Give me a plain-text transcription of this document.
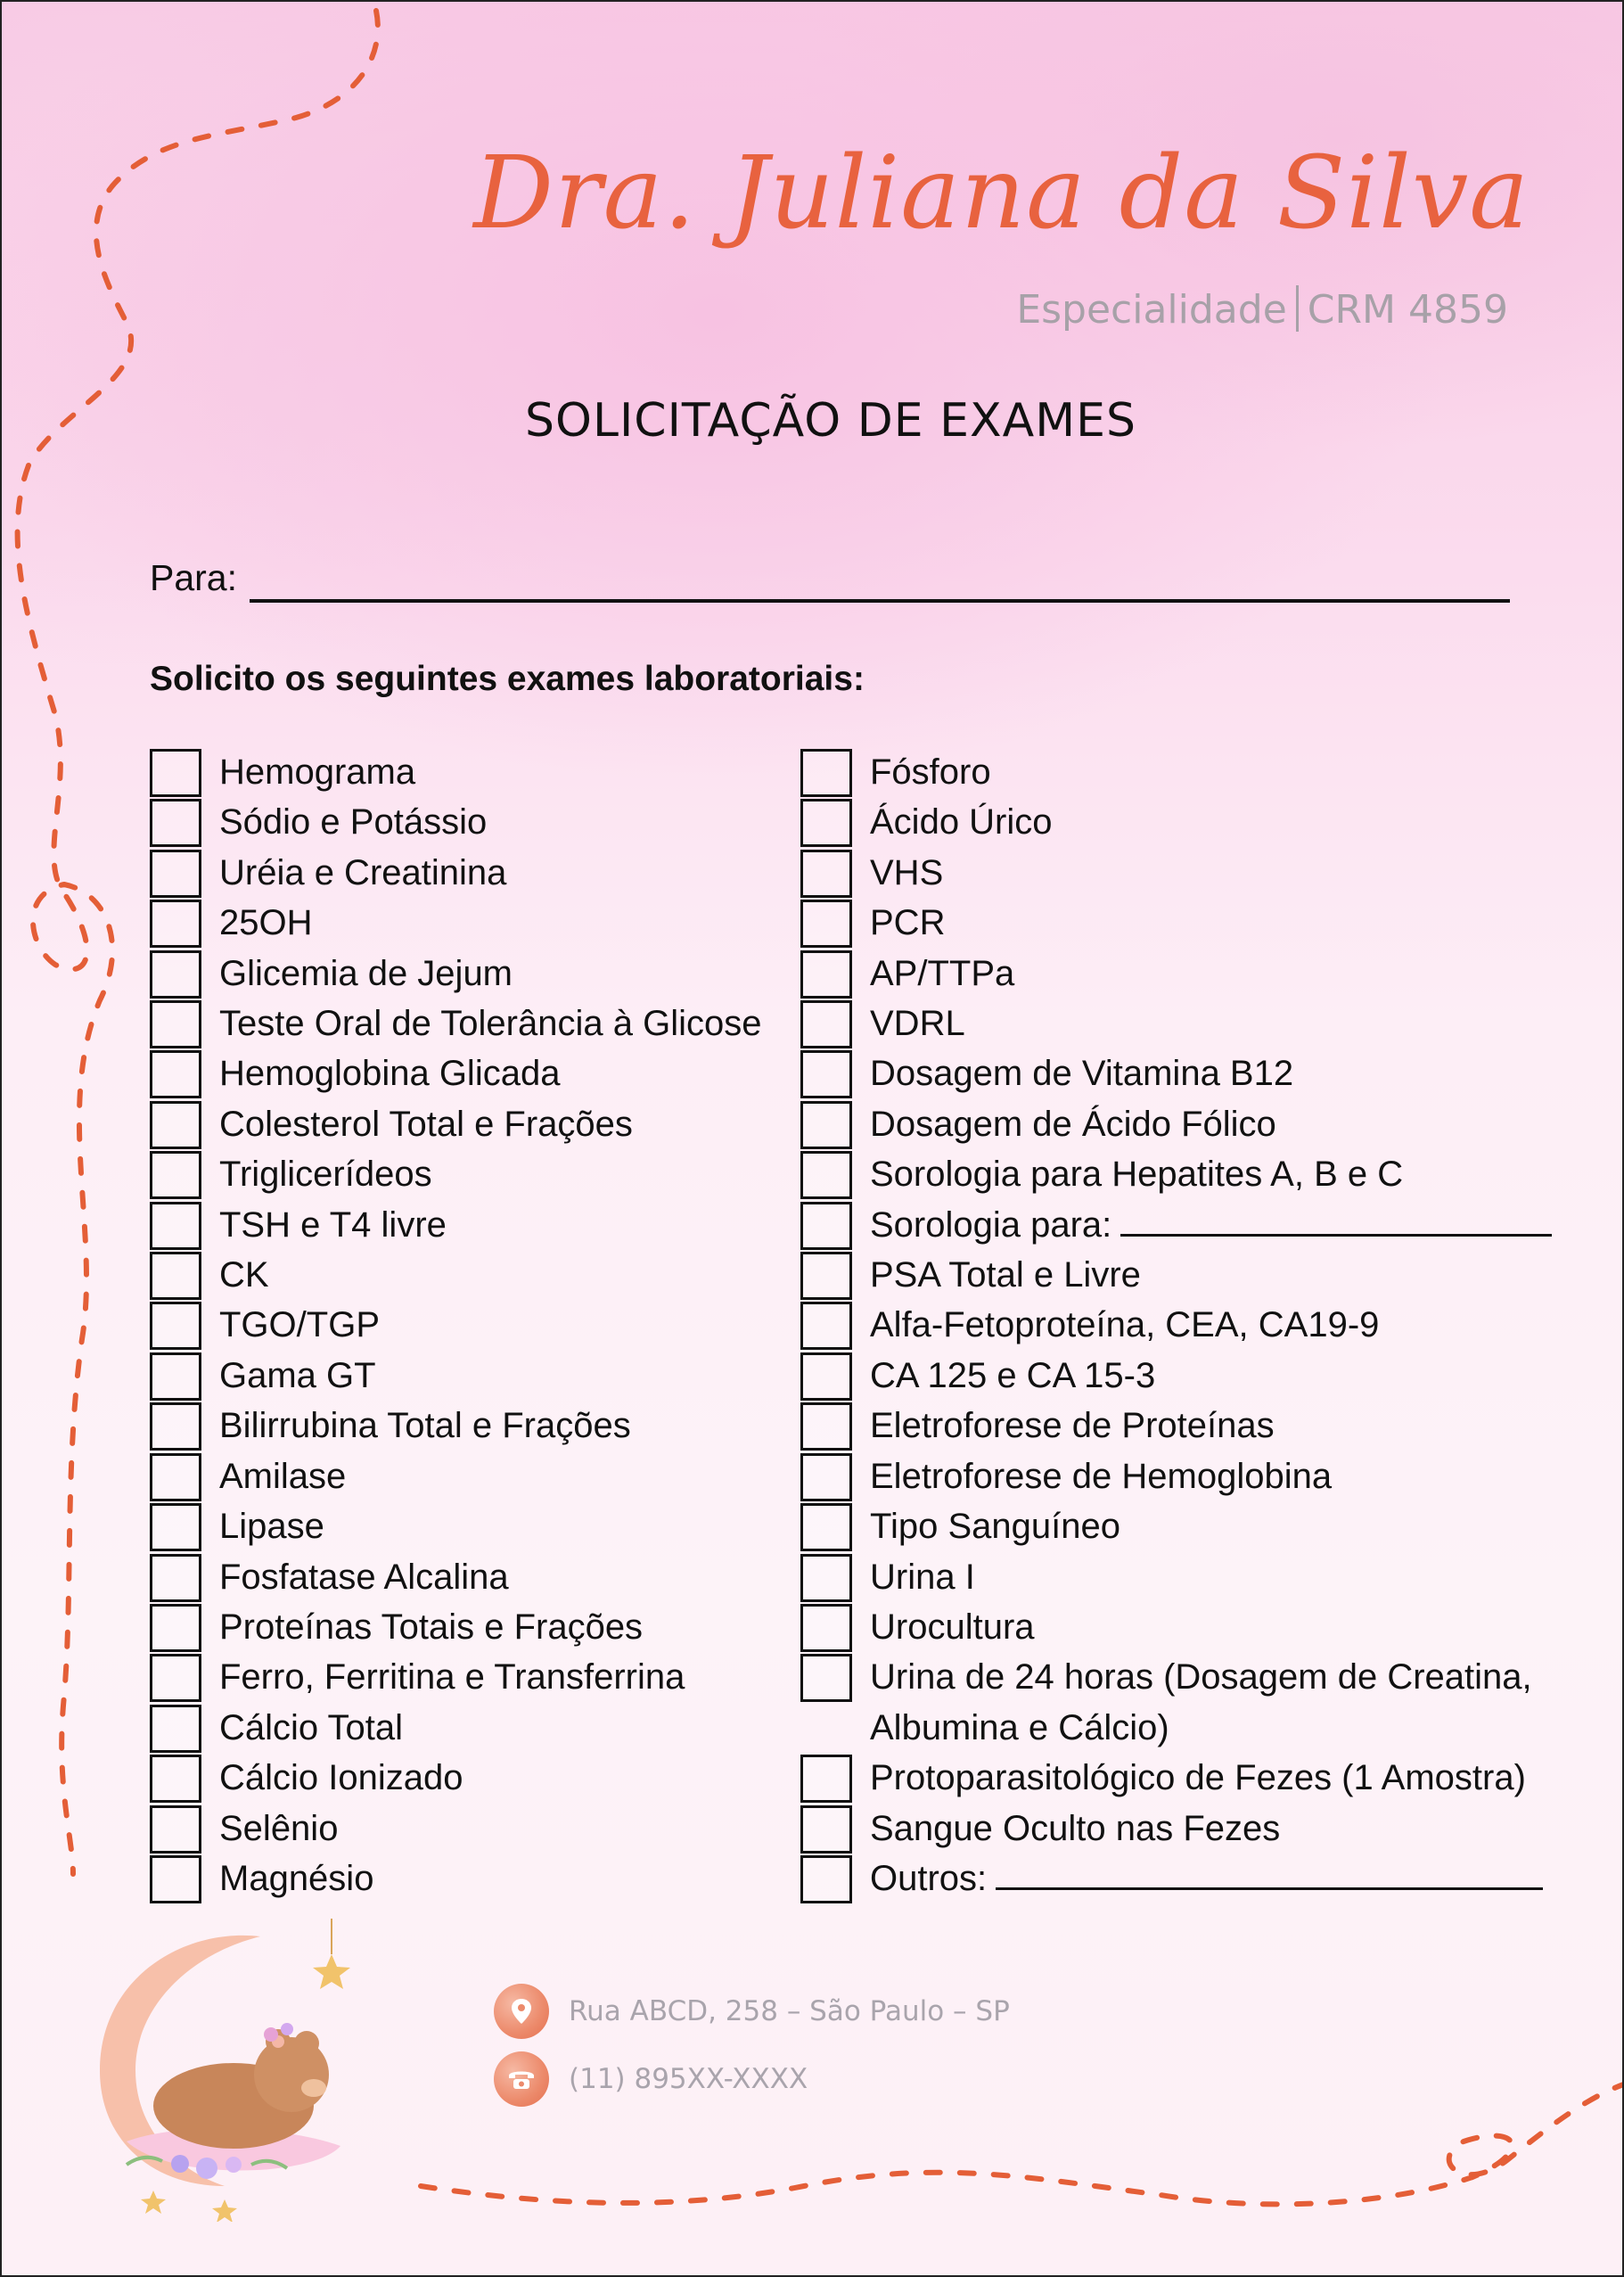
Dra. Juliana da Silva
Especialidade CRM 4859
SOLICITAÇÃO DE EXAMES
Para:
Solicito os seguintes exames laboratoriais:
Hemograma
Sódio e Potássio
Uréia e Creatinina
25OH
Glicemia de Jejum
Teste Oral de Tolerância à Glicose
Hemoglobina Glicada
Colesterol Total e Frações
Triglicerídeos
TSH e T4 livre
CK
TGO/TGP
Gama GT
Bilirrubina Total e Frações
Amilase
Lipase
Fosfatase Alcalina
Proteínas Totais e Frações
Ferro, Ferritina e Transferrina
Cálcio Total
Cálcio Ionizado
Selênio
Magnésio
Fósforo
Ácido Úrico
VHS
PCR
AP/TTPa
VDRL
Dosagem de Vitamina B12
Dosagem de Ácido Fólico
Sorologia para Hepatites A, B e C
Sorologia para:
PSA Total e Livre
Alfa-Fetoproteína, CEA, CA19-9
CA 125 e CA 15-3
Eletroforese de Proteínas
Eletroforese de Hemoglobina
Tipo Sanguíneo
Urina I
Urocultura
Urina de 24 horas (Dosagem de Creatina, Albumina e Cálcio)
Protoparasitológico de Fezes (1 Amostra)
Sangue Oculto nas Fezes
Outros:
Rua ABCD, 258 – São Paulo – SP
(11) 895XX-XXXX
